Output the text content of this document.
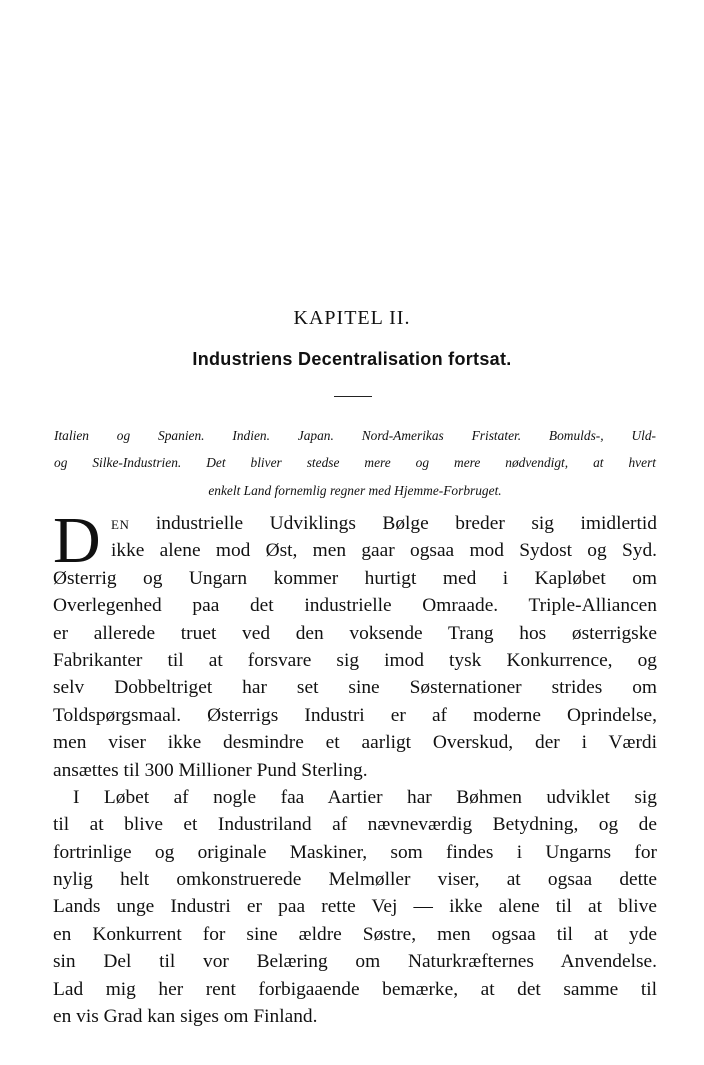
KAPITEL II.
Industriens Decentralisation fortsat.
Italien og Spanien. Indien. Japan. Nord-Amerikas Fristater. Bomulds-, Uld-
og Silke-Industrien. Det bliver stedse mere og mere nødvendigt, at hvert
enkelt Land fornemlig regner med Hjemme-Forbruget.
D EN industrielle Udviklings Bølge breder sig imidlertid
ikke alene mod Øst, men gaar ogsaa mod Sydost og Syd.
Østerrig og Ungarn kommer hurtigt med i Kapløbet om
Overlegenhed paa det industrielle Omraade. Triple-Alliancen
er allerede truet ved den voksende Trang hos østerrigske
Fabrikanter til at forsvare sig imod tysk Konkurrence, og
selv Dobbeltriget har set sine Søsternationer strides om
Toldspørgsmaal. Østerrigs Industri er af moderne Oprindelse,
men viser ikke desmindre et aarligt Overskud, der i Værdi
ansættes til 300 Millioner Pund Sterling.
I Løbet af nogle faa Aartier har Bøhmen udviklet sig
til at blive et Industriland af nævneværdig Betydning, og de
fortrinlige og originale Maskiner, som findes i Ungarns for
nylig helt omkonstruerede Melmøller viser, at ogsaa dette
Lands unge Industri er paa rette Vej — ikke alene til at blive
en Konkurrent for sine ældre Søstre, men ogsaa til at yde
sin Del til vor Belæring om Naturkræfternes Anvendelse.
Lad mig her rent forbigaaende bemærke, at det samme til
en vis Grad kan siges om Finland.
